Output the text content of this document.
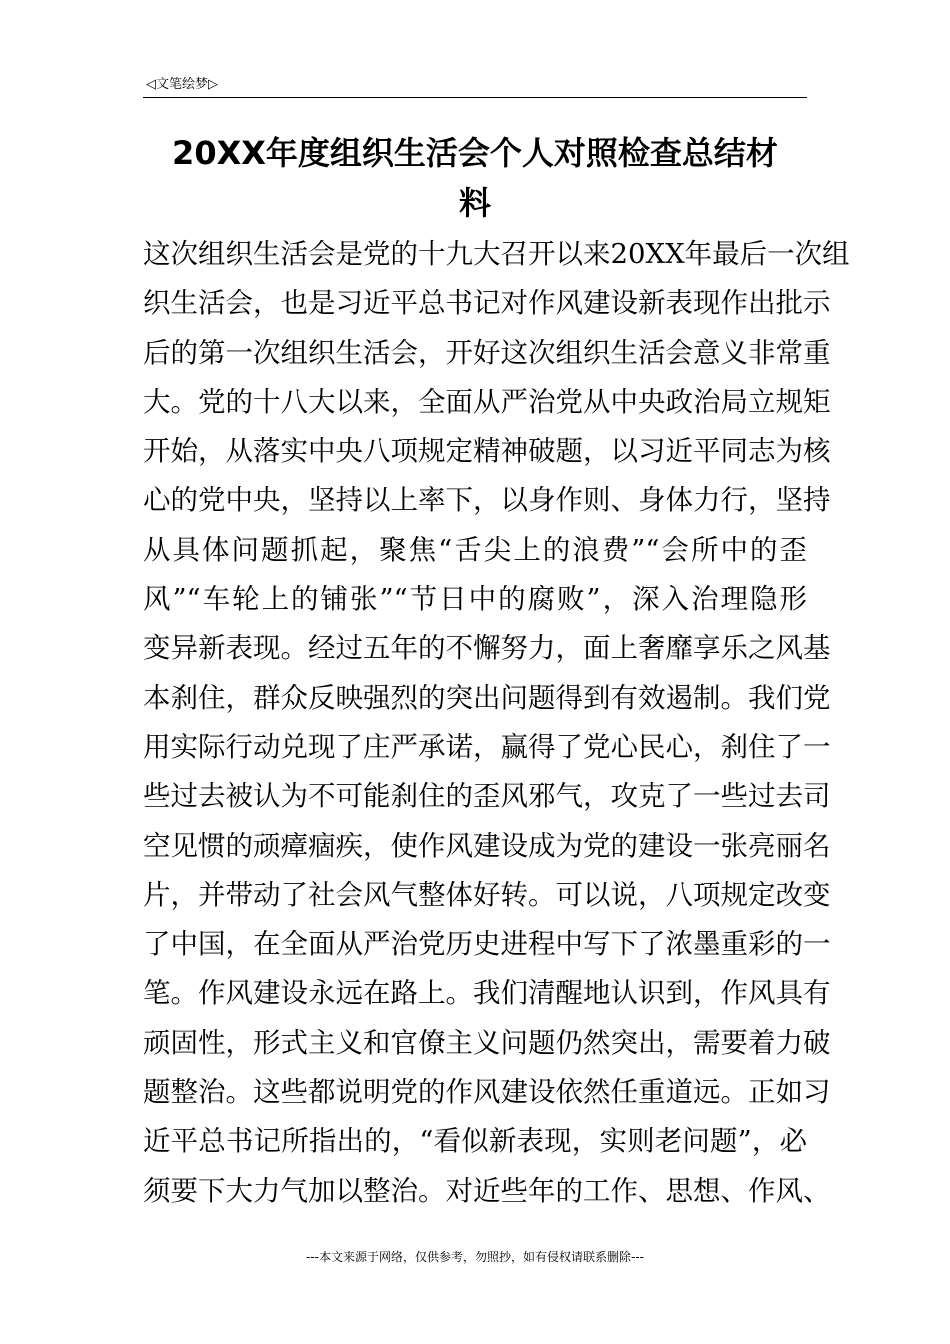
◁文笔绘梦▷
20XX年度组织生活会个人对照检查总结材
料
这次组织生活会是党的十九大召开以来20XX年最后一次组
织生活会，也是习近平总书记对作风建设新表现作出批示
后的第一次组织生活会，开好这次组织生活会意义非常重
大。党的十八大以来，全面从严治党从中央政治局立规矩
开始，从落实中央八项规定精神破题，以习近平同志为核
心的党中央，坚持以上率下，以身作则、身体力行，坚持
从具体问题抓起，聚焦“舌尖上的浪费”“会所中的歪
风”“车轮上的铺张”“节日中的腐败”，深入治理隐形
变异新表现。经过五年的不懈努力，面上奢靡享乐之风基
本刹住，群众反映强烈的突出问题得到有效遏制。我们党
用实际行动兑现了庄严承诺，赢得了党心民心，刹住了一
些过去被认为不可能刹住的歪风邪气，攻克了一些过去司
空见惯的顽瘴痼疾，使作风建设成为党的建设一张亮丽名
片，并带动了社会风气整体好转。可以说，八项规定改变
了中国，在全面从严治党历史进程中写下了浓墨重彩的一
笔。作风建设永远在路上。我们清醒地认识到，作风具有
顽固性，形式主义和官僚主义问题仍然突出，需要着力破
题整治。这些都说明党的作风建设依然任重道远。正如习
近平总书记所指出的，“看似新表现，实则老问题”，必
须要下大力气加以整治。对近些年的工作、思想、作风、
---本文来源于网络，仅供参考，勿照抄，如有侵权请联系删除---
